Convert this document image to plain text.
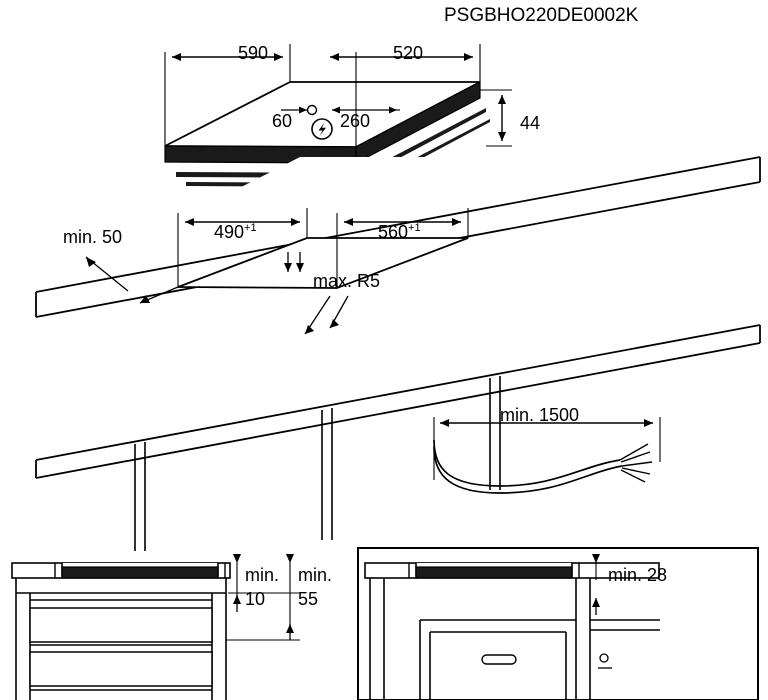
PSGBHO220DE0002K
590	520
60	260	44
min. 50	$490^{+1}$	$560^{+1}$
max. R5
min. 1500
min.
10
min.
55
min. 28
